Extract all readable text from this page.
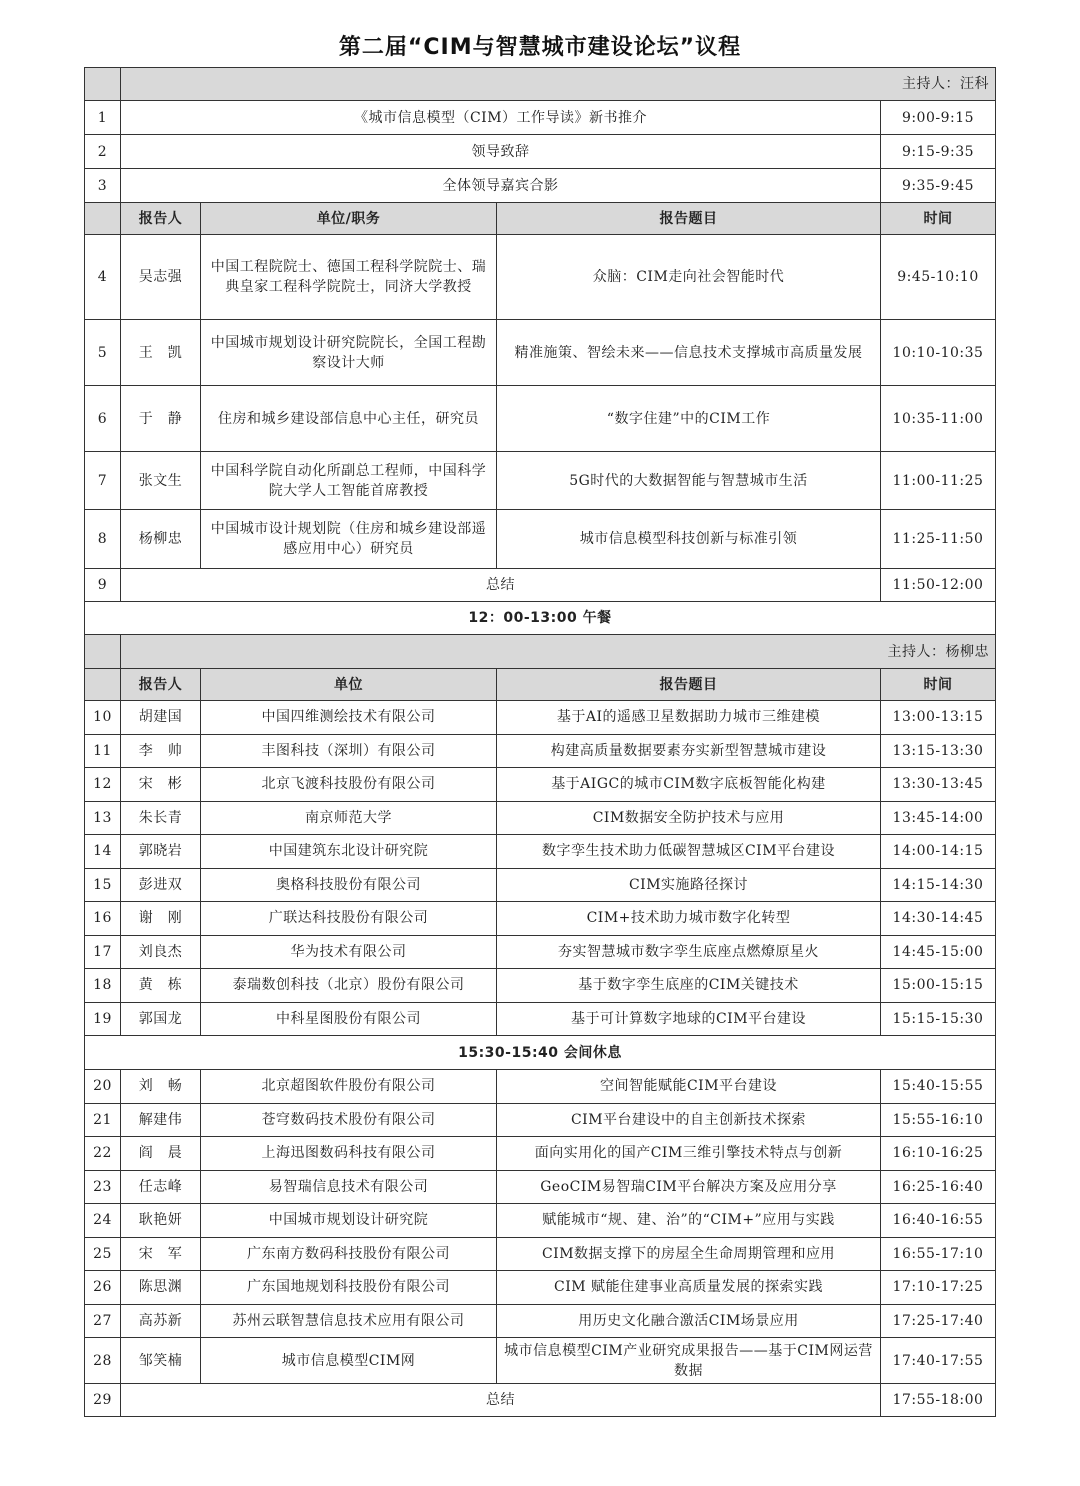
第二届“CIM与智慧城市建设论坛”议程
	主持人：汪科			
1	《城市信息模型（CIM）工作导读》新书推介			9:00-9:15
2	领导致辞			9:15-9:35
3	全体领导嘉宾合影			9:35-9:45
	报告人	单位/职务	报告题目	时间
4	吴志强	中国工程院院士、德国工程科学院院士、瑞典皇家工程科学院院士，同济大学教授	众脑：CIM走向社会智能时代	9:45-10:10
5	王　凯	中国城市规划设计研究院院长，全国工程勘察设计大师	精准施策、智绘未来——信息技术支撑城市高质量发展	10:10-10:35
6	于　静	住房和城乡建设部信息中心主任，研究员	“数字住建”中的CIM工作	10:35-11:00
7	张文生	中国科学院自动化所副总工程师，中国科学院大学人工智能首席教授	5G时代的大数据智能与智慧城市生活	11:00-11:25
8	杨柳忠	中国城市设计规划院（住房和城乡建设部遥感应用中心）研究员	城市信息模型科技创新与标准引领	11:25-11:50
9	总结			11:50-12:00
12：00-13:00 午餐				
	主持人：杨柳忠			
	报告人	单位	报告题目	时间
10	胡建国	中国四维测绘技术有限公司	基于AI的遥感卫星数据助力城市三维建模	13:00-13:15
11	李　帅	丰图科技（深圳）有限公司	构建高质量数据要素夯实新型智慧城市建设	13:15-13:30
12	宋　彬	北京飞渡科技股份有限公司	基于AIGC的城市CIM数字底板智能化构建	13:30-13:45
13	朱长青	南京师范大学	CIM数据安全防护技术与应用	13:45-14:00
14	郭晓岩	中国建筑东北设计研究院	数字孪生技术助力低碳智慧城区CIM平台建设	14:00-14:15
15	彭进双	奥格科技股份有限公司	CIM实施路径探讨	14:15-14:30
16	谢　刚	广联达科技股份有限公司	CIM+技术助力城市数字化转型	14:30-14:45
17	刘良杰	华为技术有限公司	夯实智慧城市数字孪生底座点燃燎原星火	14:45-15:00
18	黄　栋	泰瑞数创科技（北京）股份有限公司	基于数字孪生底座的CIM关键技术	15:00-15:15
19	郭国龙	中科星图股份有限公司	基于可计算数字地球的CIM平台建设	15:15-15:30
15:30-15:40 会间休息				
20	刘　畅	北京超图软件股份有限公司	空间智能赋能CIM平台建设	15:40-15:55
21	解建伟	苍穹数码技术股份有限公司	CIM平台建设中的自主创新技术探索	15:55-16:10
22	阎　晨	上海迅图数码科技有限公司	面向实用化的国产CIM三维引擎技术特点与创新	16:10-16:25
23	任志峰	易智瑞信息技术有限公司	GeoCIM易智瑞CIM平台解决方案及应用分享	16:25-16:40
24	耿艳妍	中国城市规划设计研究院	赋能城市“规、建、治”的“CIM+”应用与实践	16:40-16:55
25	宋　军	广东南方数码科技股份有限公司	CIM数据支撑下的房屋全生命周期管理和应用	16:55-17:10
26	陈思渊	广东国地规划科技股份有限公司	CIM 赋能住建事业高质量发展的探索实践	17:10-17:25
27	高苏新	苏州云联智慧信息技术应用有限公司	用历史文化融合激活CIM场景应用	17:25-17:40
28	邹笑楠	城市信息模型CIM网	城市信息模型CIM产业研究成果报告——基于CIM网运营数据	17:40-17:55
29	总结			17:55-18:00
